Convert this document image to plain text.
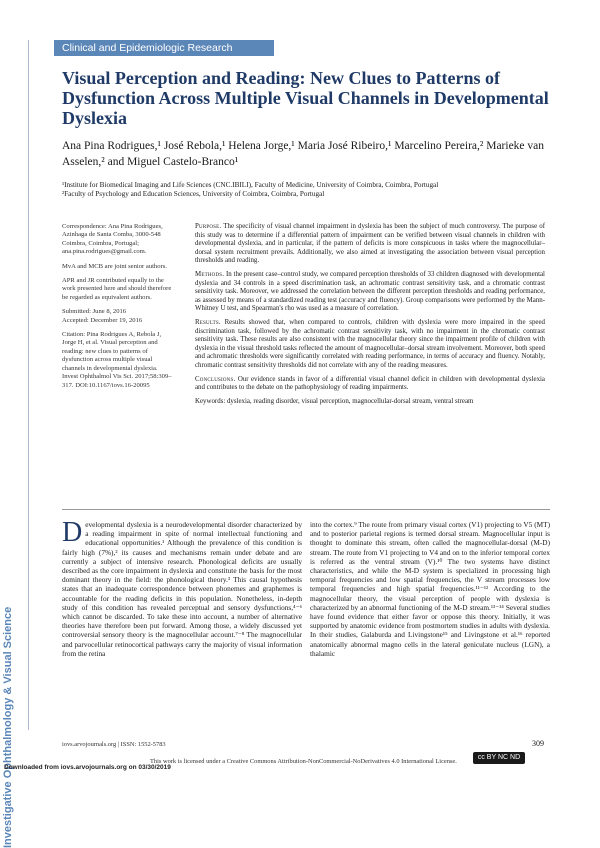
Clinical and Epidemiologic Research
Visual Perception and Reading: New Clues to Patterns of Dysfunction Across Multiple Visual Channels in Developmental Dyslexia
Ana Pina Rodrigues,¹ José Rebola,¹ Helena Jorge,¹ Maria José Ribeiro,¹ Marcelino Pereira,² Marieke van Asselen,² and Miguel Castelo-Branco¹
¹Institute for Biomedical Imaging and Life Sciences (CNC.IBILI), Faculty of Medicine, University of Coimbra, Coimbra, Portugal
²Faculty of Psychology and Education Sciences, University of Coimbra, Coimbra, Portugal

Correspondence: Ana Pina Rodrigues, Azinhaga de Santa Comba, 3000-548 Coimbra, Coimbra, Portugal; ana.pina.rodrigues@gmail.com.

MvA and MCB are joint senior authors.

APR and JR contributed equally to the work presented here and should therefore be regarded as equivalent authors.

Submitted: June 8, 2016

Accepted: December 19, 2016

Citation: Pina Rodrigues A, Rebola J, Jorge H, et al. Visual perception and reading: new clues to patterns of dysfunction across multiple visual channels in developmental dyslexia. Invest Ophthalmol Vis Sci. 2017;58:309–317. DOI:10.1167/iovs.16-20095

Purpose. The specificity of visual channel impairment in dyslexia has been the subject of much controversy. The purpose of this study was to determine if a differential pattern of impairment can be verified between visual channels in children with developmental dyslexia, and in particular, if the pattern of deficits is more conspicuous in tasks where the magnocellular–dorsal system recruitment prevails. Additionally, we also aimed at investigating the association between visual perception thresholds and reading.

Methods. In the present case–control study, we compared perception thresholds of 33 children diagnosed with developmental dyslexia and 34 controls in a speed discrimination task, an achromatic contrast sensitivity task, and a chromatic contrast sensitivity task. Moreover, we addressed the correlation between the different perception thresholds and reading performance, as assessed by means of a standardized reading test (accuracy and fluency). Group comparisons were performed by the Mann-Whitney U test, and Spearman's rho was used as a measure of correlation.

Results. Results showed that, when compared to controls, children with dyslexia were more impaired in the speed discrimination task, followed by the achromatic contrast sensitivity task, with no impairment in the chromatic contrast sensitivity task. These results are also consistent with the magnocellular theory since the impairment profile of children with dyslexia in the visual threshold tasks reflected the amount of magnocellular–dorsal stream involvement. Moreover, both speed and achromatic thresholds were significantly correlated with reading performance, in terms of accuracy and fluency. Notably, chromatic contrast sensitivity thresholds did not correlate with any of the reading measures.

Conclusions. Our evidence stands in favor of a differential visual channel deficit in children with developmental dyslexia and contributes to the debate on the pathophysiology of reading impairments.

Keywords: dyslexia, reading disorder, visual perception, magnocellular-dorsal stream, ventral stream

Developmental dyslexia is a neurodevelopmental disorder characterized by a reading impairment in spite of normal intellectual functioning and educational opportunities.¹ Although the prevalence of this condition is fairly high (7%),² its causes and mechanisms remain under debate and are currently a subject of intensive research. Phonological deficits are usually described as the core impairment in dyslexia and constitute the basis for the most dominant theory in the field: the phonological theory.³ This causal hypothesis states that an inadequate correspondence between phonemes and graphemes is accountable for the reading deficits in this population. Nonetheless, in-depth study of this condition has revealed perceptual and sensory dysfunctions,⁴⁻⁶ which cannot be discarded. To take these into account, a number of alternative theories have therefore been put forward. Among those, a widely discussed yet controversial sensory theory is the magnocellular account.⁷⁻⁸ The magnocellular and parvocellular retinocortical pathways carry the majority of visual information from the retina
into the cortex.⁹ The route from primary visual cortex (V1) projecting to V5 (MT) and to posterior parietal regions is termed dorsal stream. Magnocellular input is thought to dominate this stream, often called the magnocellular-dorsal (M-D) stream. The route from V1 projecting to V4 and on to the inferior temporal cortex is referred as the ventral stream (V).¹⁰ The two systems have distinct characteristics, and while the M-D system is specialized in processing high temporal frequencies and low spatial frequencies, the V stream processes low temporal frequencies and high spatial frequencies.¹¹⁻¹² According to the magnocellular theory, the visual perception of people with dyslexia is characterized by an abnormal functioning of the M-D stream.¹³⁻¹⁴ Several studies have found evidence that either favor or oppose this theory. Initially, it was supported by anatomic evidence from postmortem studies in adults with dyslexia. In their studies, Galaburda and Livingstone¹⁵ and Livingstone et al.¹⁶ reported anatomically abnormal magno cells in the lateral geniculate nucleus (LGN), a thalamic
Investigative Ophthalmology & Visual Science	iovs.arvojournals.org | ISSN: 1552-5783	309
This work is licensed under a Creative Commons Attribution-NonCommercial-NoDerivatives 4.0 International License.
cc BY NC ND
Downloaded from iovs.arvojournals.org on 03/30/2019
